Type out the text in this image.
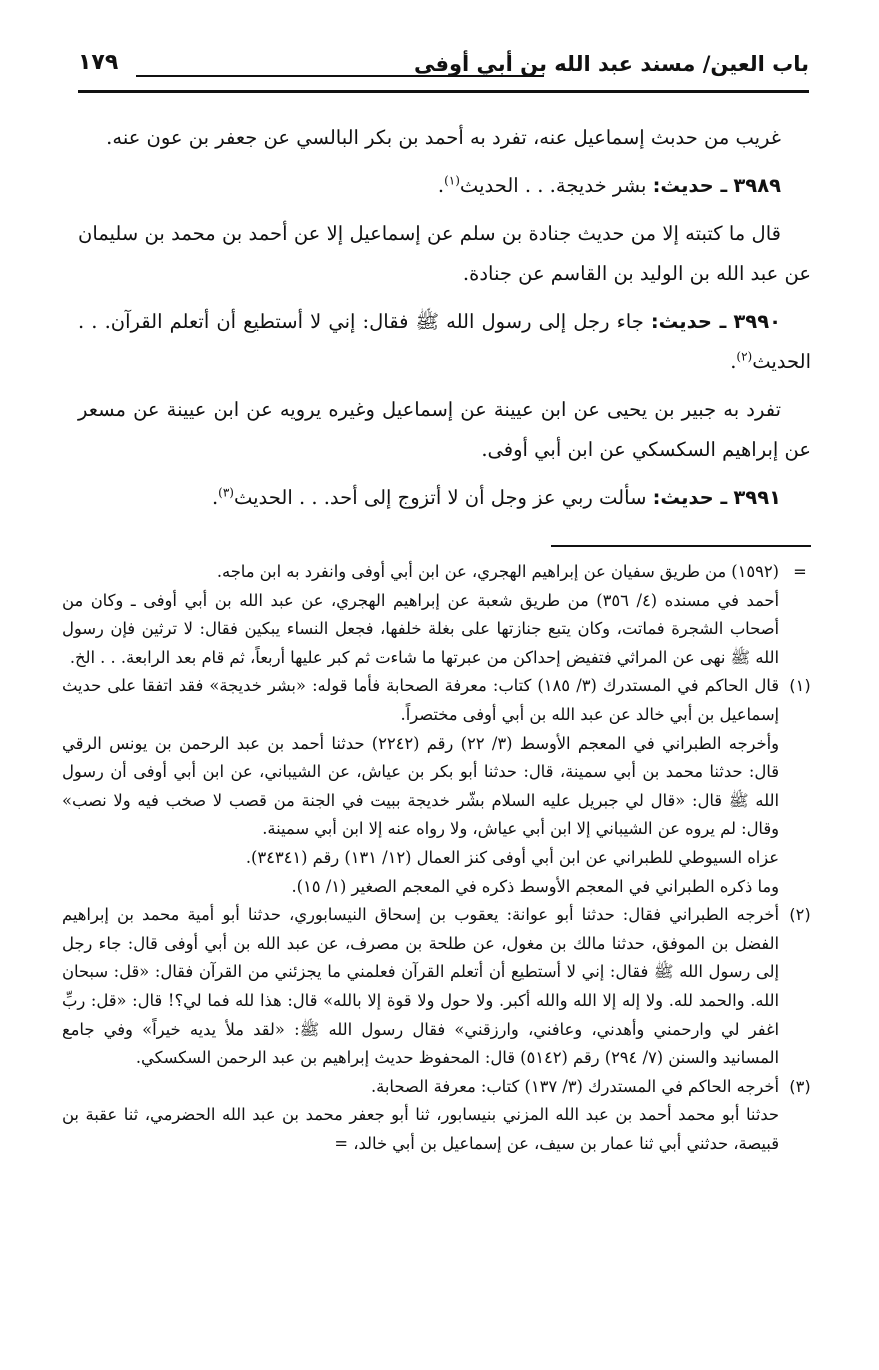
باب العين/ مسند عبد الله بن أبي أوفى
١٧٩

غريب من حدبث إسماعيل عنه، تفرد به أحمد بن بكر البالسي عن جعفر بن عون عنه.

٣٩٨٩ ـ حديث: بشر خديجة. . . الحديث$^{(١)}$.

قال ما كتبته إلا من حديث جنادة بن سلم عن إسماعيل إلا عن أحمد بن محمد بن سليمان عن عبد الله بن الوليد بن القاسم عن جنادة.

٣٩٩٠ ـ حديث: جاء رجل إلى رسول الله ﷺ فقال: إني لا أستطيع أن أتعلم القرآن. . . الحديث$^{(٢)}$.

تفرد به جبير بن يحيى عن ابن عيينة عن إسماعيل وغيره يرويه عن ابن عيينة عن مسعر عن إبراهيم السكسكي عن ابن أبي أوفى.

٣٩٩١ ـ حديث: سألت ربي عز وجل أن لا أتزوج إلى أحد. . . الحديث$^{(٣)}$.

=

(١٥٩٢) من طريق سفيان عن إبراهيم الهجري، عن ابن أبي أوفى وانفرد به ابن ماجه.

أحمد في مسنده (٤/ ٣٥٦) من طريق شعبة عن إبراهيم الهجري، عن عبد الله بن أبي أوفى ـ وكان من أصحاب الشجرة فماتت، وكان يتبع جنازتها على بغلة خلفها، فجعل النساء يبكين فقال: لا ترثين فإن رسول الله ﷺ نهى عن المراثي فتفيض إحداكن من عبرتها ما شاءت ثم كبر عليها أربعاً، ثم قام بعد الرابعة. . . الخ.

(١)

قال الحاكم في المستدرك (٣/ ١٨٥) كتاب: معرفة الصحابة فأما قوله: «بشر خديجة» فقد اتفقا على حديث إسماعيل بن أبي خالد عن عبد الله بن أبي أوفى مختصراً.

وأخرجه الطبراني في المعجم الأوسط (٣/ ٢٢) رقم (٢٢٤٢) حدثنا أحمد بن عبد الرحمن بن يونس الرقي قال: حدثنا محمد بن أبي سمينة، قال: حدثنا أبو بكر بن عياش، عن الشيباني، عن ابن أبي أوفى أن رسول الله ﷺ قال: «قال لي جبريل عليه السلام بشّر خديجة ببيت في الجنة من قصب لا صخب فيه ولا نصب» وقال: لم يروه عن الشيباني إلا ابن أبي عياش، ولا رواه عنه إلا ابن أبي سمينة.

عزاه السيوطي للطبراني عن ابن أبي أوفى كنز العمال (١٢/ ١٣١) رقم (٣٤٣٤١).

وما ذكره الطبراني في المعجم الأوسط ذكره في المعجم الصغير (١/ ١٥).

(٢)

أخرجه الطبراني فقال: حدثنا أبو عوانة: يعقوب بن إسحاق النيسابوري، حدثنا أبو أمية محمد بن إبراهيم الفضل بن الموفق، حدثنا مالك بن مغول، عن طلحة بن مصرف، عن عبد الله بن أبي أوفى قال: جاء رجل إلى رسول الله ﷺ فقال: إني لا أستطيع أن أتعلم القرآن فعلمني ما يجزئني من القرآن فقال: «قل: سبحان الله. والحمد لله. ولا إله إلا الله والله أكبر. ولا حول ولا قوة إلا بالله» قال: هذا لله فما لي؟! قال: «قل: ربِّ اغفر لي وارحمني وأهدني، وعافني، وارزقني» فقال رسول الله ﷺ: «لقد ملأ يديه خيراً» وفي جامع المسانيد والسنن (٧/ ٢٩٤) رقم (٥١٤٢) قال: المحفوظ حديث إبراهيم بن عبد الرحمن السكسكي.

(٣)

أخرجه الحاكم في المستدرك (٣/ ١٣٧) كتاب: معرفة الصحابة.

حدثنا أبو محمد أحمد بن عبد الله المزني بنيسابور، ثنا أبو جعفر محمد بن عبد الله الحضرمي، ثنا عقبة بن قبيصة، حدثني أبي ثنا عمار بن سيف، عن إسماعيل بن أبي خالد، =
